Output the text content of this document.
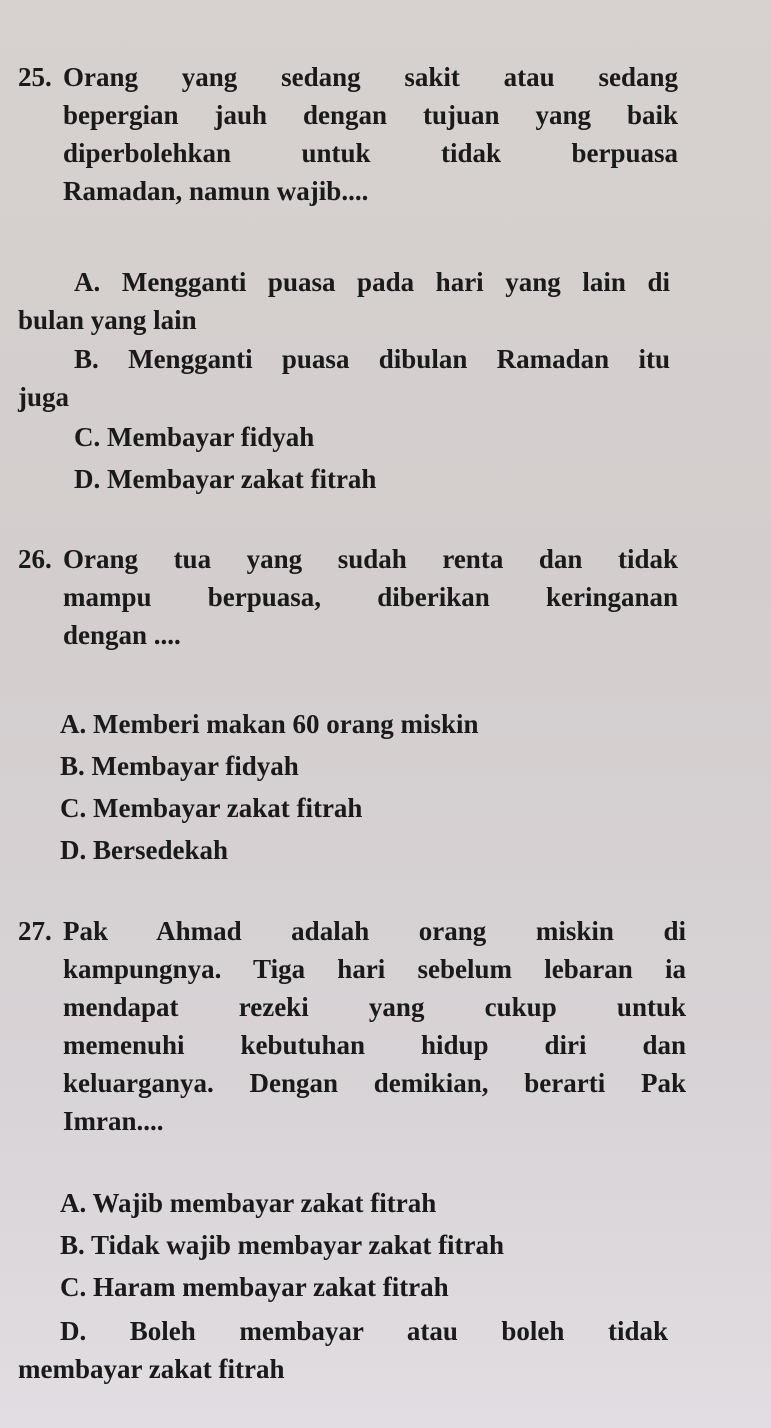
25. Orang yang sedang sakit atau sedang
bepergian jauh dengan tujuan yang baik
diperbolehkan untuk tidak berpuasa
Ramadan, namun wajib....
A. Mengganti puasa pada hari yang lain di
bulan yang lain
B. Mengganti puasa dibulan Ramadan itu
juga
C. Membayar fidyah
D. Membayar zakat fitrah
26. Orang tua yang sudah renta dan tidak
mampu berpuasa, diberikan keringanan
dengan ....
A. Memberi makan 60 orang miskin
B. Membayar fidyah
C. Membayar zakat fitrah
D. Bersedekah
27. Pak Ahmad adalah orang miskin di
kampungnya. Tiga hari sebelum lebaran ia
mendapat rezeki yang cukup untuk
memenuhi kebutuhan hidup diri dan
keluarganya. Dengan demikian, berarti Pak
Imran....
A. Wajib membayar zakat fitrah
B. Tidak wajib membayar zakat fitrah
C. Haram membayar zakat fitrah
D. Boleh membayar atau boleh tidak
membayar zakat fitrah
